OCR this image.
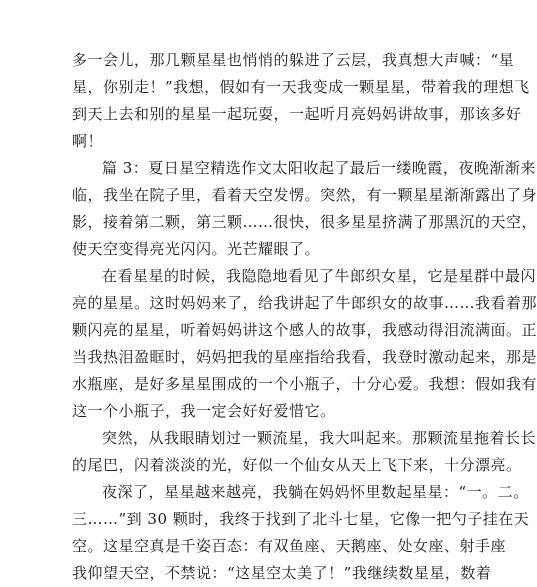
多一会儿，那几颗星星也悄悄的躲进了云层，我真想大声喊：“星
星，你别走！”我想，假如有一天我变成一颗星星，带着我的理想飞
到天上去和别的星星一起玩耍，一起听月亮妈妈讲故事，那该多好
啊！

篇 3：夏日星空精选作文太阳收起了最后一缕晚霞，夜晚渐渐来
临，我坐在院子里，看着天空发愣。突然，有一颗星星渐渐露出了身
影，接着第二颗，第三颗……很快，很多星星挤满了那黑沉的天空，
使天空变得亮光闪闪。光芒耀眼了。

在看星星的时候，我隐隐地看见了牛郎织女星，它是星群中最闪
亮的星星。这时妈妈来了，给我讲起了牛郎织女的故事……我看着那
颗闪亮的星星，听着妈妈讲这个感人的故事，我感动得泪流满面。正
当我热泪盈眶时，妈妈把我的星座指给我看，我登时激动起来，那是
水瓶座，是好多星星围成的一个小瓶子，十分心爱。我想：假如我有
这一个小瓶子，我一定会好好爱惜它。

突然，从我眼睛划过一颗流星，我大叫起来。那颗流星拖着长长
的尾巴，闪着淡淡的光，好似一个仙女从天上飞下来，十分漂亮。

夜深了，星星越来越亮，我躺在妈妈怀里数起星星：“一。二。
三……”到 30 颗时，我终于找到了北斗七星，它像一把勺子挂在天
空。这星空真是千姿百态：有双鱼座、天鹅座、处女座、射手座
我仰望天空，不禁说：“这星空太美了！”我继续数星星，数着
